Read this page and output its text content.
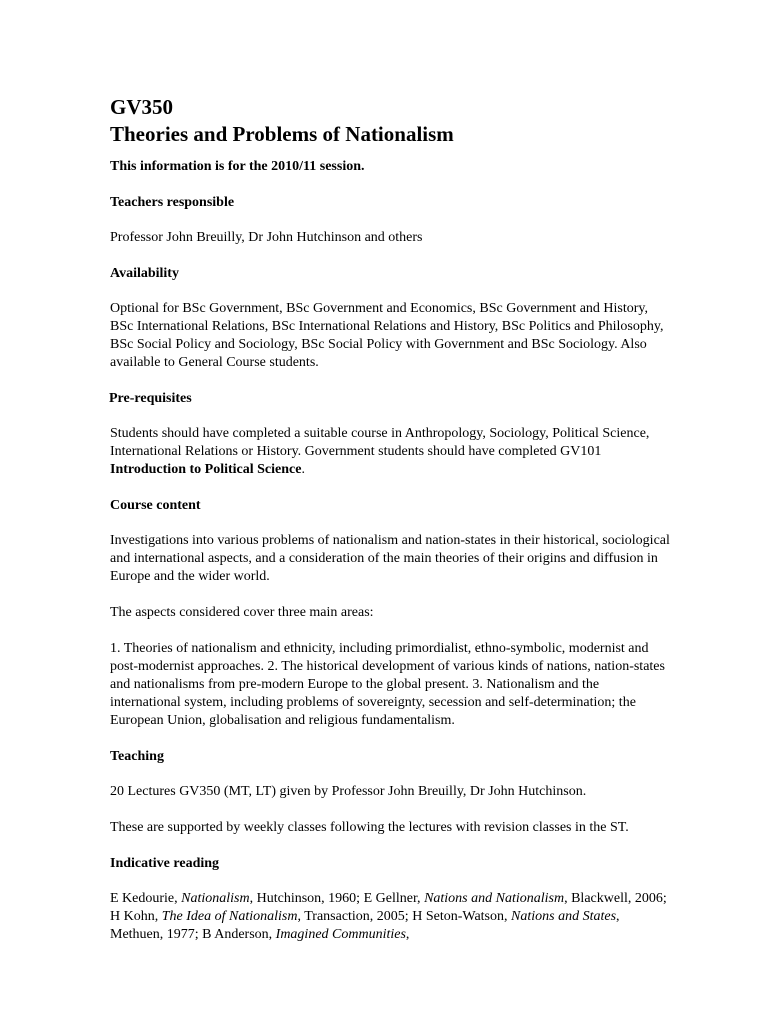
GV350
Theories and Problems of Nationalism
This information is for the 2010/11 session.
Teachers responsible
Professor John Breuilly, Dr John Hutchinson and others
Availability
Optional for BSc Government, BSc Government and Economics, BSc Government and History, BSc International Relations, BSc International Relations and History, BSc Politics and Philosophy, BSc Social Policy and Sociology, BSc Social Policy with Government and BSc Sociology. Also available to General Course students.
Pre-requisites
Students should have completed a suitable course in Anthropology, Sociology, Political Science, International Relations or History. Government students should have completed GV101 Introduction to Political Science.
Course content
Investigations into various problems of nationalism and nation-states in their historical, sociological and international aspects, and a consideration of the main theories of their origins and diffusion in Europe and the wider world.
The aspects considered cover three main areas:
1. Theories of nationalism and ethnicity, including primordialist, ethno-symbolic, modernist and post-modernist approaches. 2. The historical development of various kinds of nations, nation-states and nationalisms from pre-modern Europe to the global present. 3. Nationalism and the international system, including problems of sovereignty, secession and self-determination; the European Union, globalisation and religious fundamentalism.
Teaching
20 Lectures GV350 (MT, LT) given by Professor John Breuilly, Dr John Hutchinson.
These are supported by weekly classes following the lectures with revision classes in the ST.
Indicative reading
E Kedourie, Nationalism, Hutchinson, 1960; E Gellner, Nations and Nationalism, Blackwell, 2006; H Kohn, The Idea of Nationalism, Transaction, 2005; H Seton-Watson, Nations and States, Methuen, 1977; B Anderson, Imagined Communities,
